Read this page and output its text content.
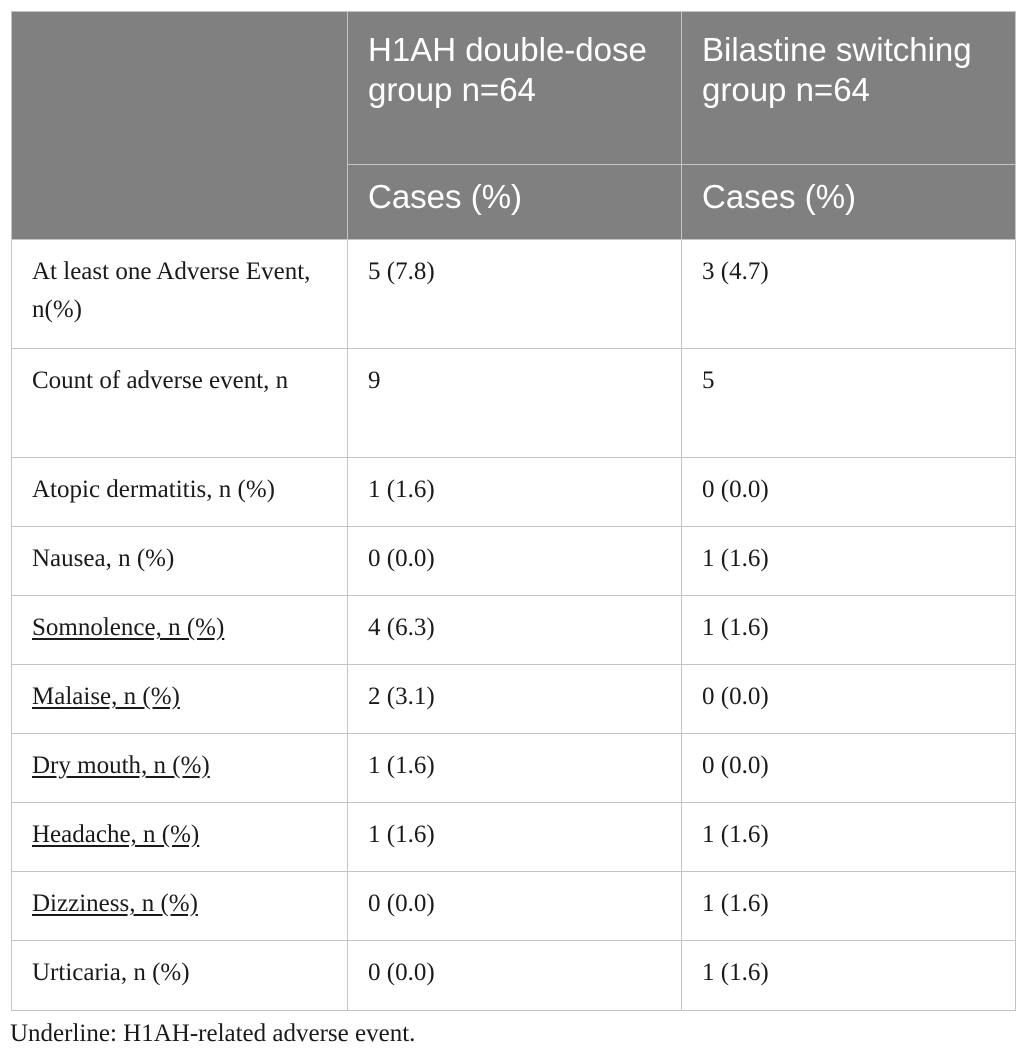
	H1AH double-dose group n=64	Bilastine switching group n=64
	Cases (%)	Cases (%)
At least one Adverse Event, n(%)	5 (7.8)	3 (4.7)
Count of adverse event, n	9	5
Atopic dermatitis, n (%)	1 (1.6)	0 (0.0)
Nausea, n (%)	0 (0.0)	1 (1.6)
Somnolence, n (%)	4 (6.3)	1 (1.6)
Malaise, n (%)	2 (3.1)	0 (0.0)
Dry mouth, n (%)	1 (1.6)	0 (0.0)
Headache, n (%)	1 (1.6)	1 (1.6)
Dizziness, n (%)	0 (0.0)	1 (1.6)
Urticaria, n (%)	0 (0.0)	1 (1.6)

Underline: H1AH-related adverse event.
